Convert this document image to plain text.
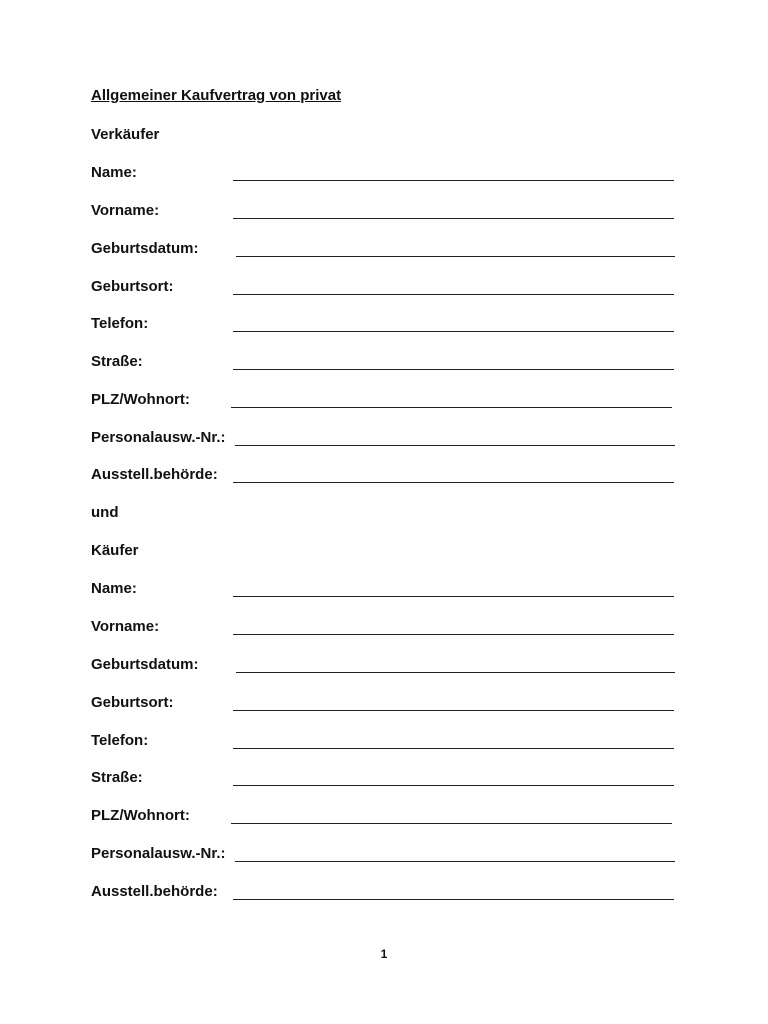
Allgemeiner Kaufvertrag von privat
Verkäufer
Name:
Vorname:
Geburtsdatum:
Geburtsort:
Telefon:
Straße:
PLZ/Wohnort:
Personalausw.-Nr.:
Ausstell.behörde:
und
Käufer
Name:
Vorname:
Geburtsdatum:
Geburtsort:
Telefon:
Straße:
PLZ/Wohnort:
Personalausw.-Nr.:
Ausstell.behörde:
1
